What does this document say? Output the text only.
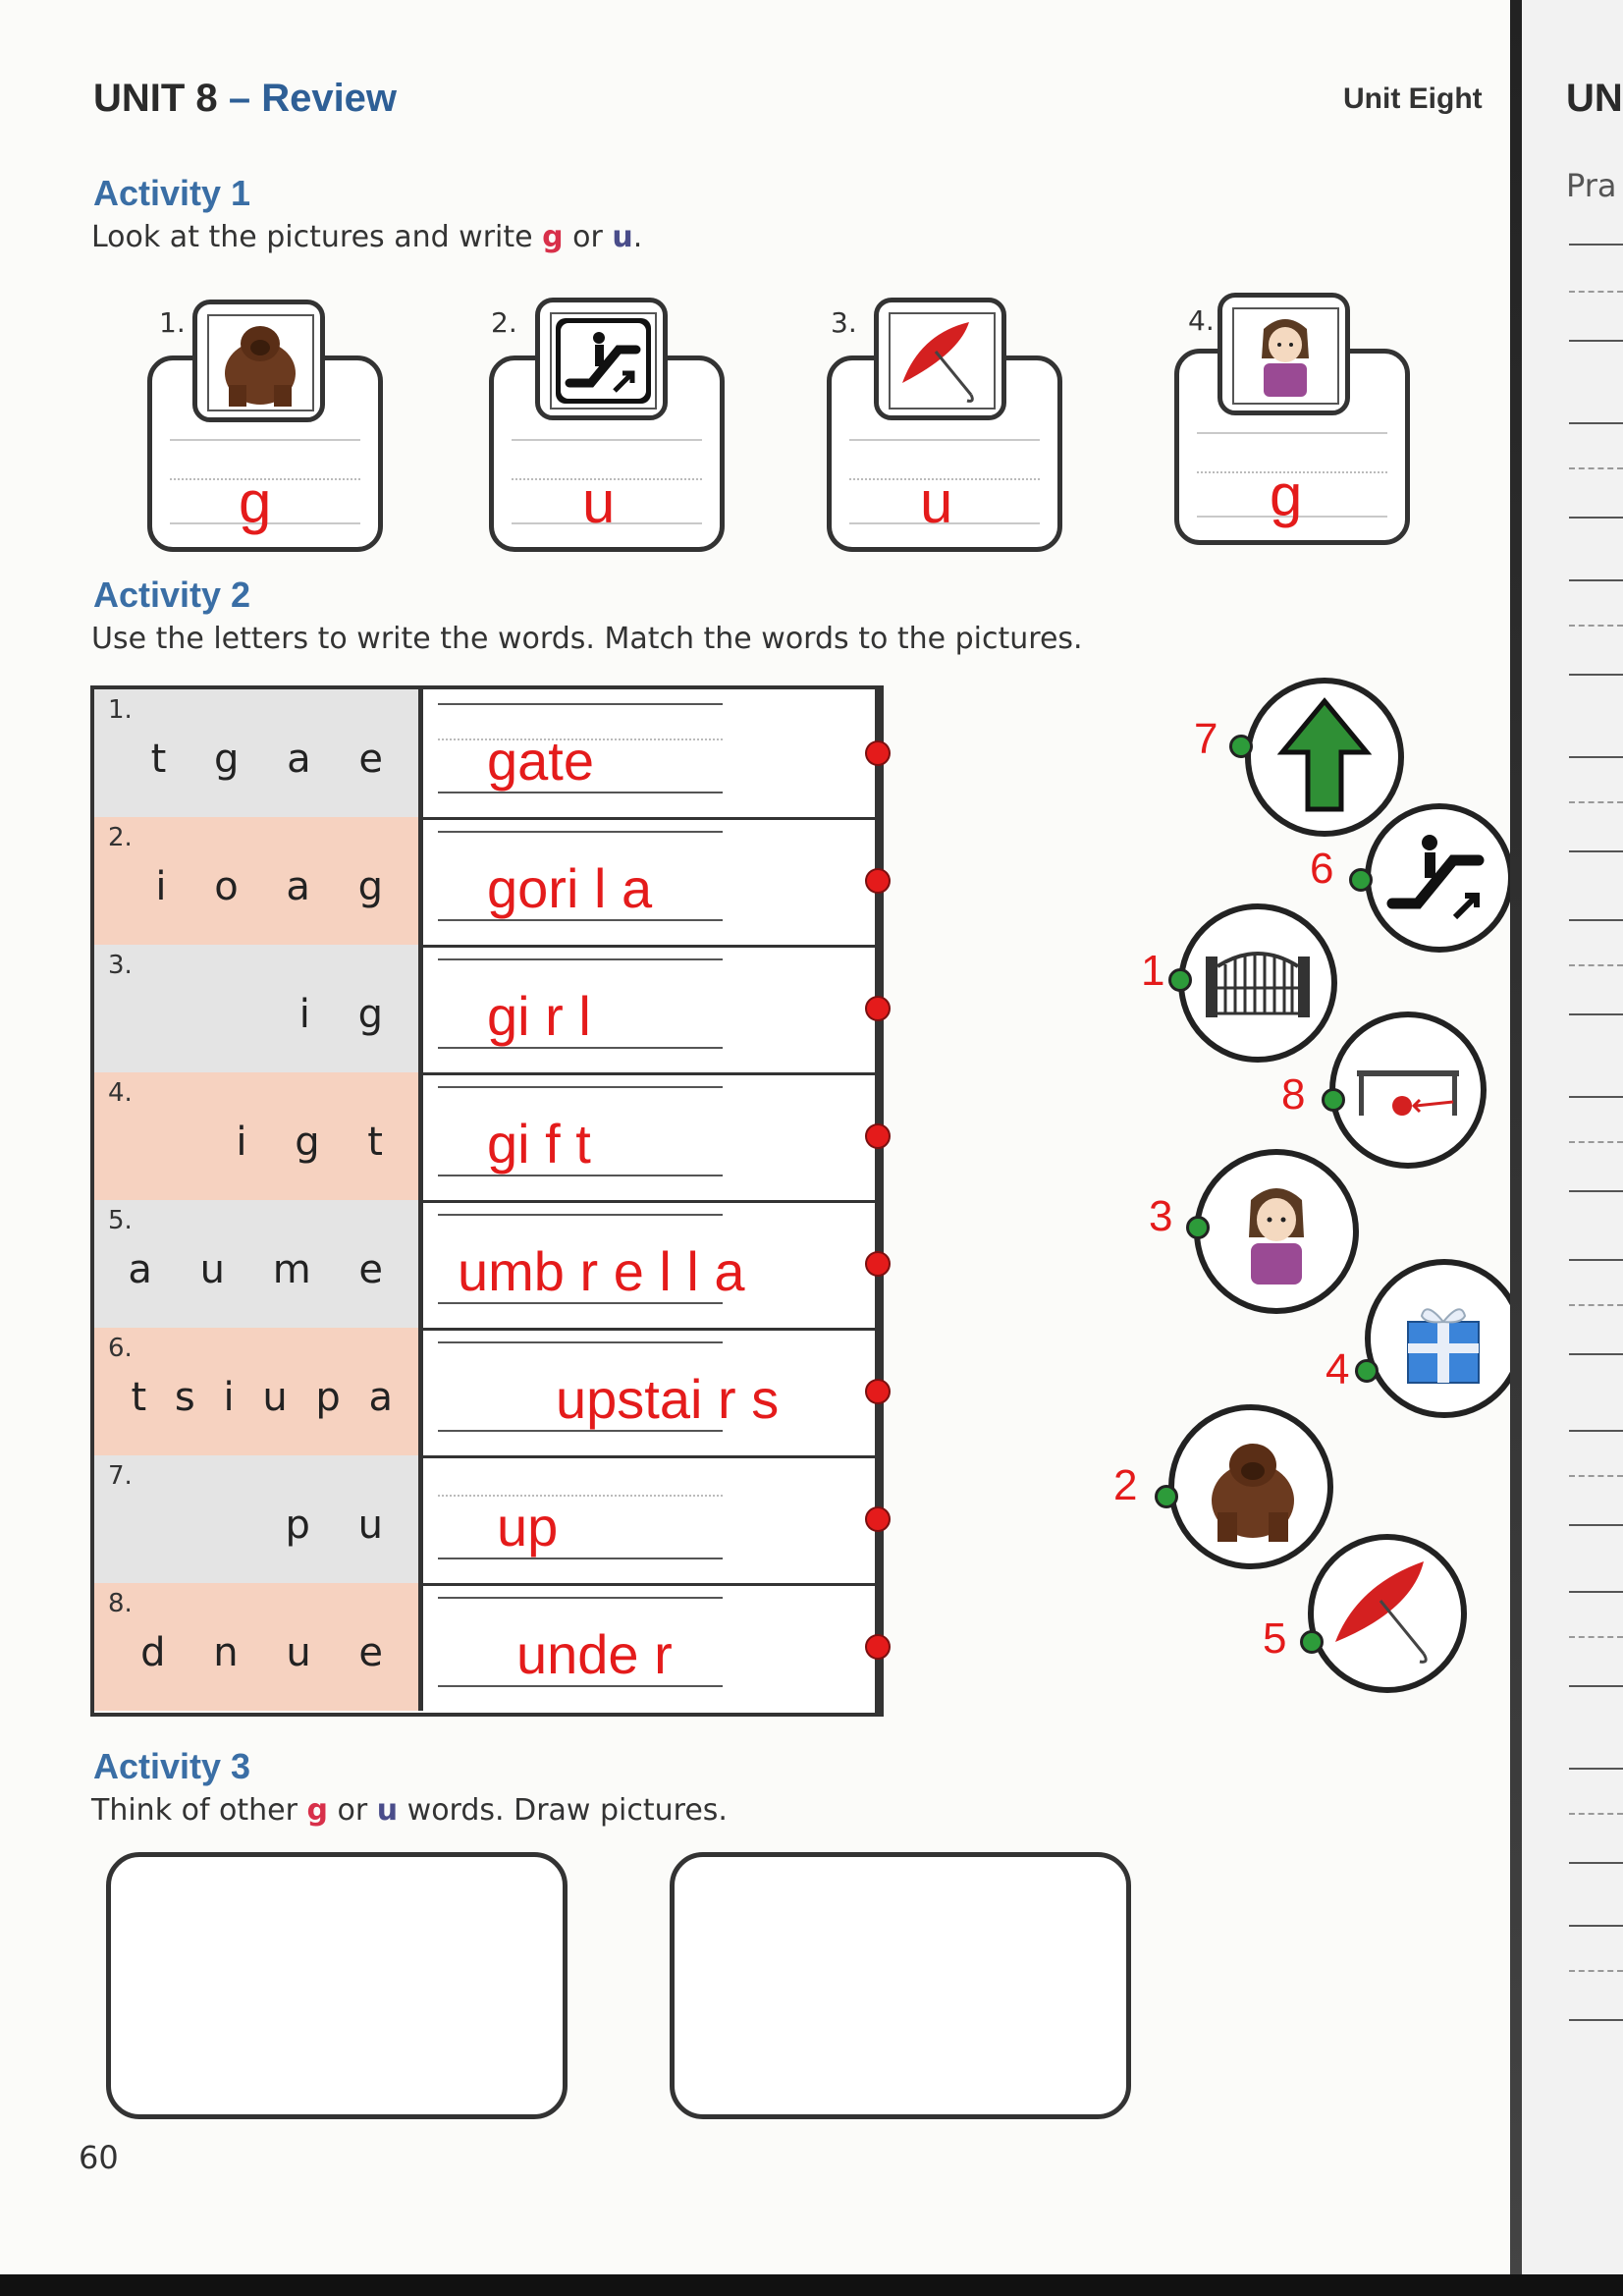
UNIT 8 – Review	Unit Eight
Activity 1
Look at the pictures and write g or u.
g
1.
u
2.
u
3.
g
4.
Activity 2
Use the letters to write the words. Match the words to the pictures.
1.
t g a e gate
2.
i o a g gori l a
3.
i g gi r l
4.
i g t gi f t
5.
a u m e umb r e l l a
6.
t s i u p a	upstai r s
7.
p u up
8.
d n u e unde r
7
6
1
8
3
4
2
5
Activity 3
Think of other g or u words. Draw pictures.
60
UN
Pra
